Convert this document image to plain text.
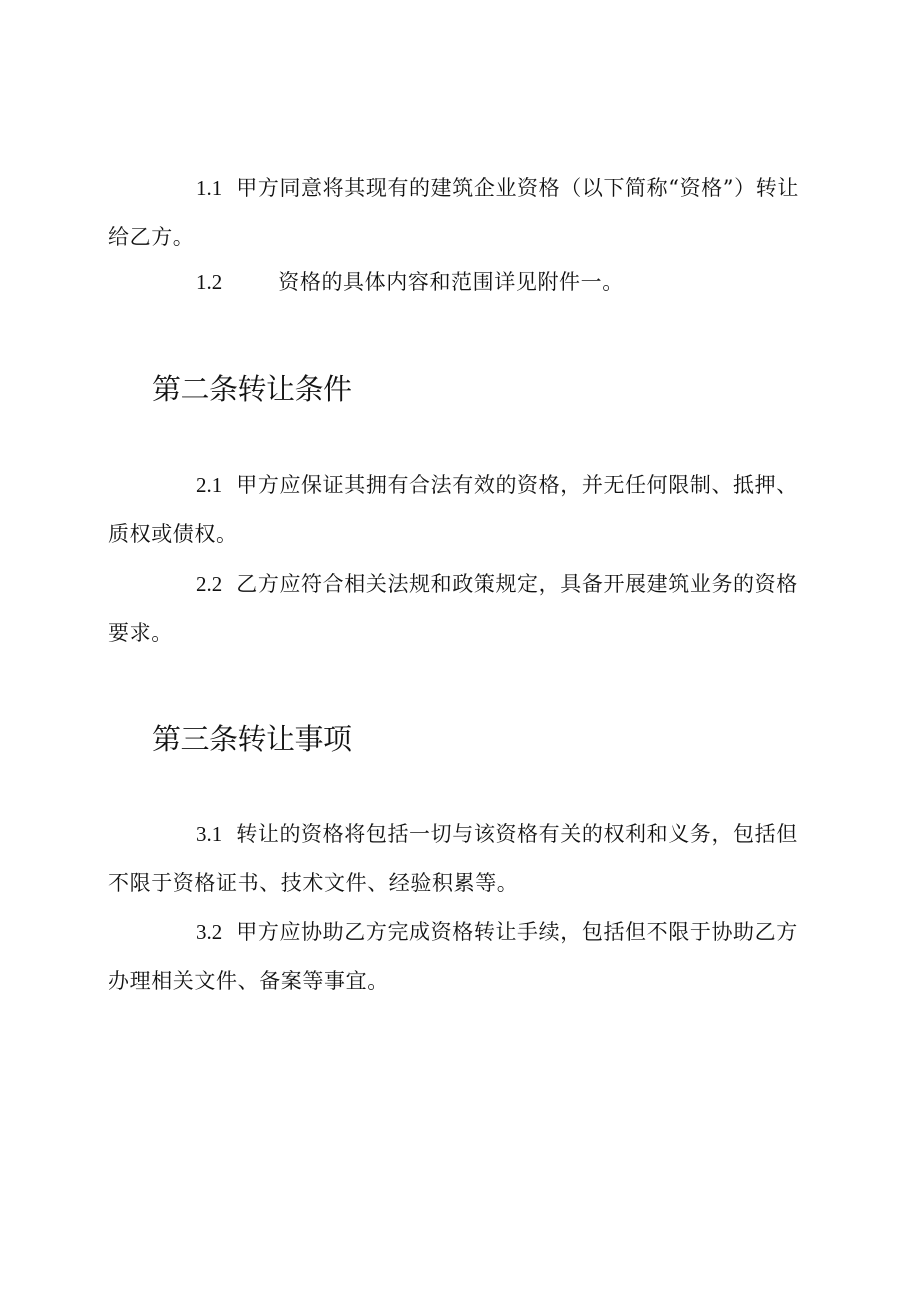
1.1 甲方同意将其现有的建筑企业资格（以下简称“资格”）转让给乙方。

1.2	资格的具体内容和范围详见附件一。

第二条转让条件

2.1 甲方应保证其拥有合法有效的资格，并无任何限制、抵押、质权或债权。

2.2 乙方应符合相关法规和政策规定，具备开展建筑业务的资格要求。

第三条转让事项

3.1 转让的资格将包括一切与该资格有关的权利和义务，包括但不限于资格证书、技术文件、经验积累等。

3.2 甲方应协助乙方完成资格转让手续，包括但不限于协助乙方办理相关文件、备案等事宜。
